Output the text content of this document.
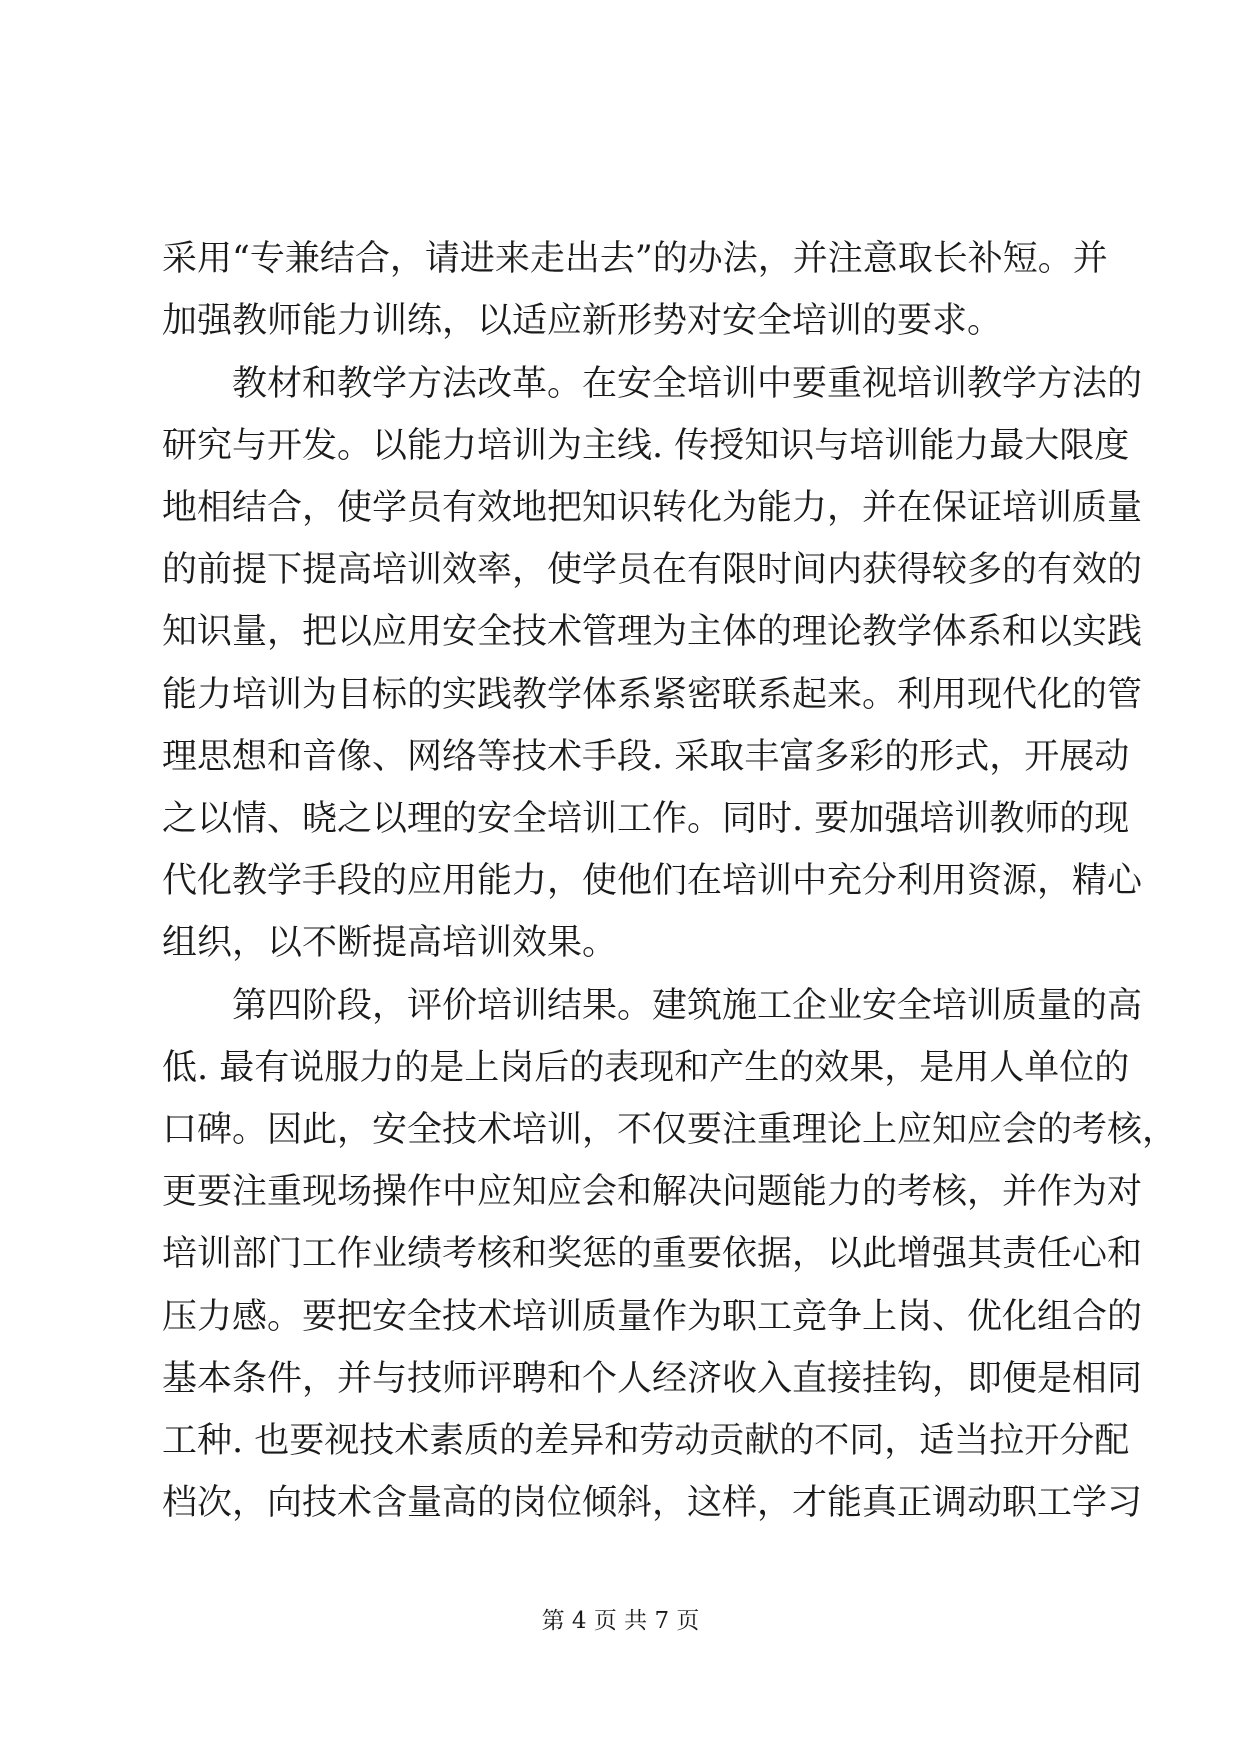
采用“专兼结合，请进来走出去”的办法，并注意取长补短。并
加强教师能力训练，以适应新形势对安全培训的要求。
教材和教学方法改革。在安全培训中要重视培训教学方法的
研究与开发。以能力培训为主线. 传授知识与培训能力最大限度
地相结合，使学员有效地把知识转化为能力，并在保证培训质量
的前提下提高培训效率，使学员在有限时间内获得较多的有效的
知识量，把以应用安全技术管理为主体的理论教学体系和以实践
能力培训为目标的实践教学体系紧密联系起来。利用现代化的管
理思想和音像、网络等技术手段. 采取丰富多彩的形式，开展动
之以情、晓之以理的安全培训工作。同时. 要加强培训教师的现
代化教学手段的应用能力，使他们在培训中充分利用资源，精心
组织，以不断提高培训效果。
第四阶段，评价培训结果。建筑施工企业安全培训质量的高
低. 最有说服力的是上岗后的表现和产生的效果，是用人单位的
口碑。因此，安全技术培训，不仅要注重理论上应知应会的考核，
更要注重现场操作中应知应会和解决问题能力的考核，并作为对
培训部门工作业绩考核和奖惩的重要依据，以此增强其责任心和
压力感。要把安全技术培训质量作为职工竞争上岗、优化组合的
基本条件，并与技师评聘和个人经济收入直接挂钩，即便是相同
工种. 也要视技术素质的差异和劳动贡献的不同，适当拉开分配
档次，向技术含量高的岗位倾斜，这样，才能真正调动职工学习
第 4 页 共 7 页
